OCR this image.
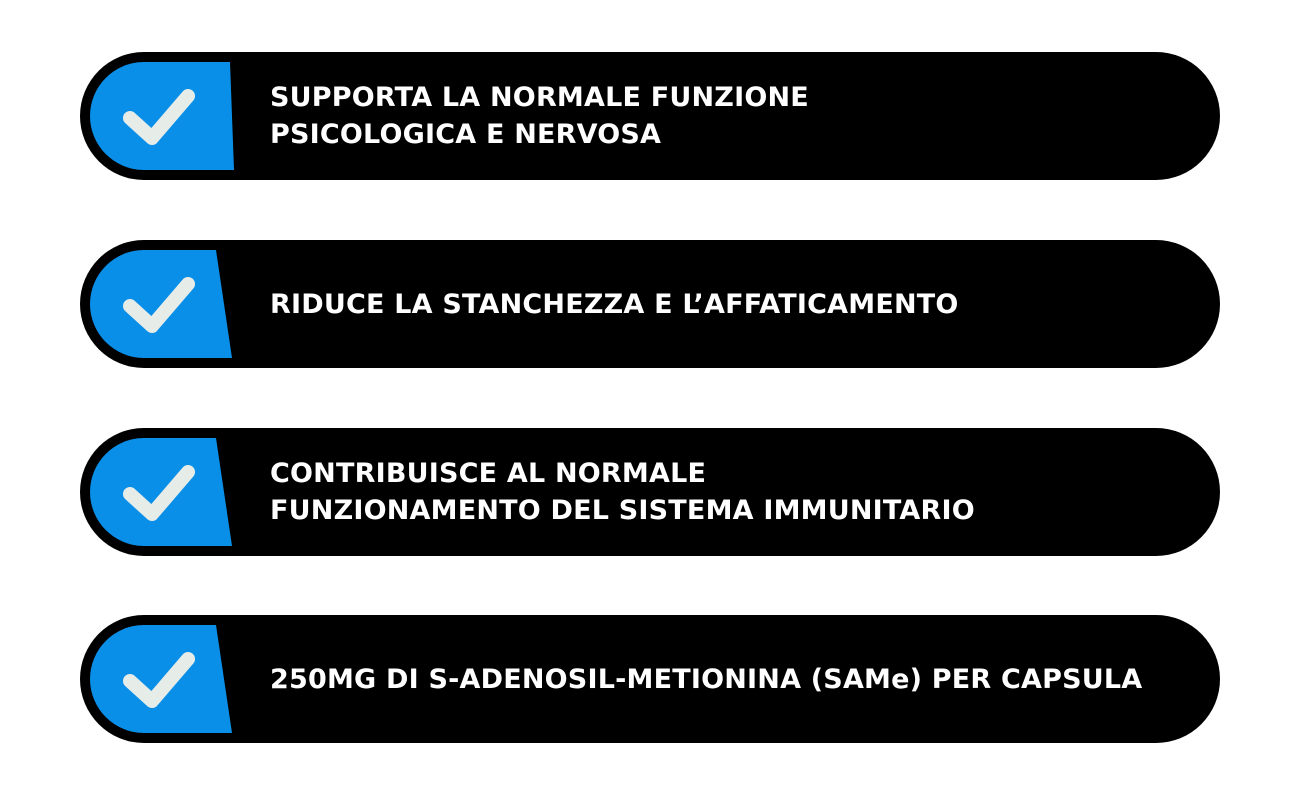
SUPPORTA LA NORMALE FUNZIONE
PSICOLOGICA E NERVOSA
RIDUCE LA STANCHEZZA E L’AFFATICAMENTO
CONTRIBUISCE AL NORMALE
FUNZIONAMENTO DEL SISTEMA IMMUNITARIO
250MG DI S-ADENOSIL-METIONINA (SAMe) PER CAPSULA
